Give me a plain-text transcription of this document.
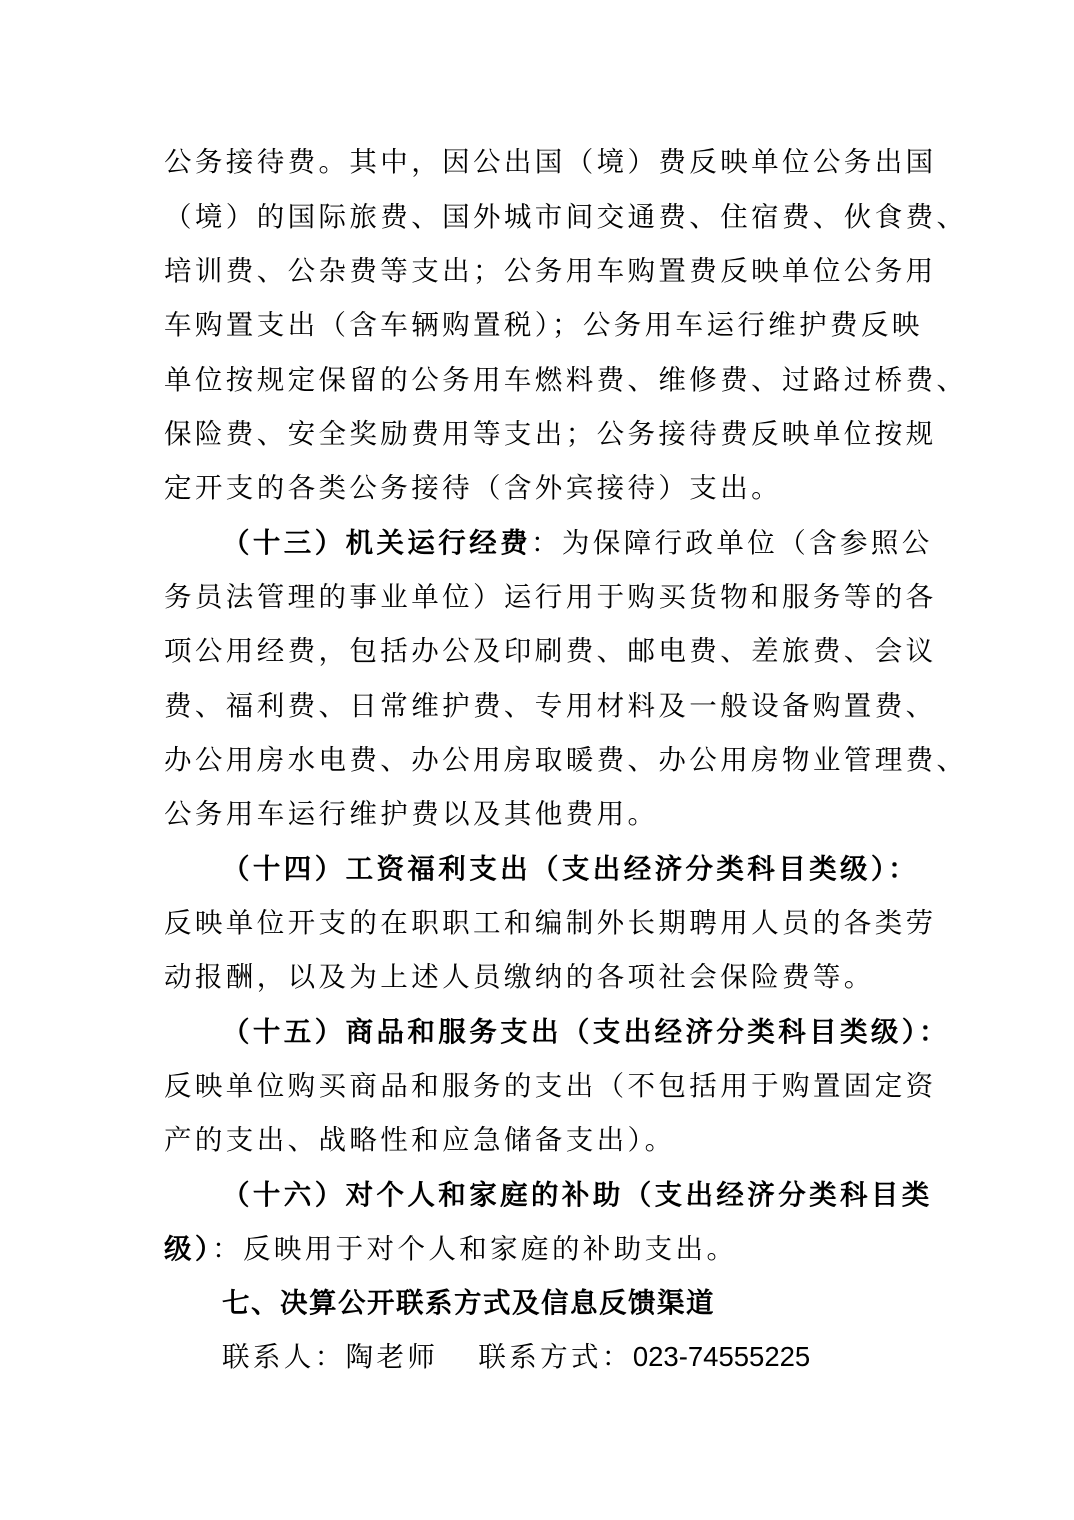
公务接待费。其中，因公出国（境）费反映单位公务出国
（境）的国际旅费、国外城市间交通费、住宿费、伙食费、
培训费、公杂费等支出；公务用车购置费反映单位公务用
车购置支出（含车辆购置税）；公务用车运行维护费反映
单位按规定保留的公务用车燃料费、维修费、过路过桥费、
保险费、安全奖励费用等支出；公务接待费反映单位按规
定开支的各类公务接待（含外宾接待）支出。
（十三）机关运行经费：为保障行政单位（含参照公
务员法管理的事业单位）运行用于购买货物和服务等的各
项公用经费，包括办公及印刷费、邮电费、差旅费、会议
费、福利费、日常维护费、专用材料及一般设备购置费、
办公用房水电费、办公用房取暖费、办公用房物业管理费、
公务用车运行维护费以及其他费用。
（十四）工资福利支出（支出经济分类科目类级）：
反映单位开支的在职职工和编制外长期聘用人员的各类劳
动报酬，以及为上述人员缴纳的各项社会保险费等。
（十五）商品和服务支出（支出经济分类科目类级）：
反映单位购买商品和服务的支出（不包括用于购置固定资
产的支出、战略性和应急储备支出）。
（十六）对个人和家庭的补助（支出经济分类科目类
级）：反映用于对个人和家庭的补助支出。
七、决算公开联系方式及信息反馈渠道
联系人：陶老师 联系方式：023-74555225
